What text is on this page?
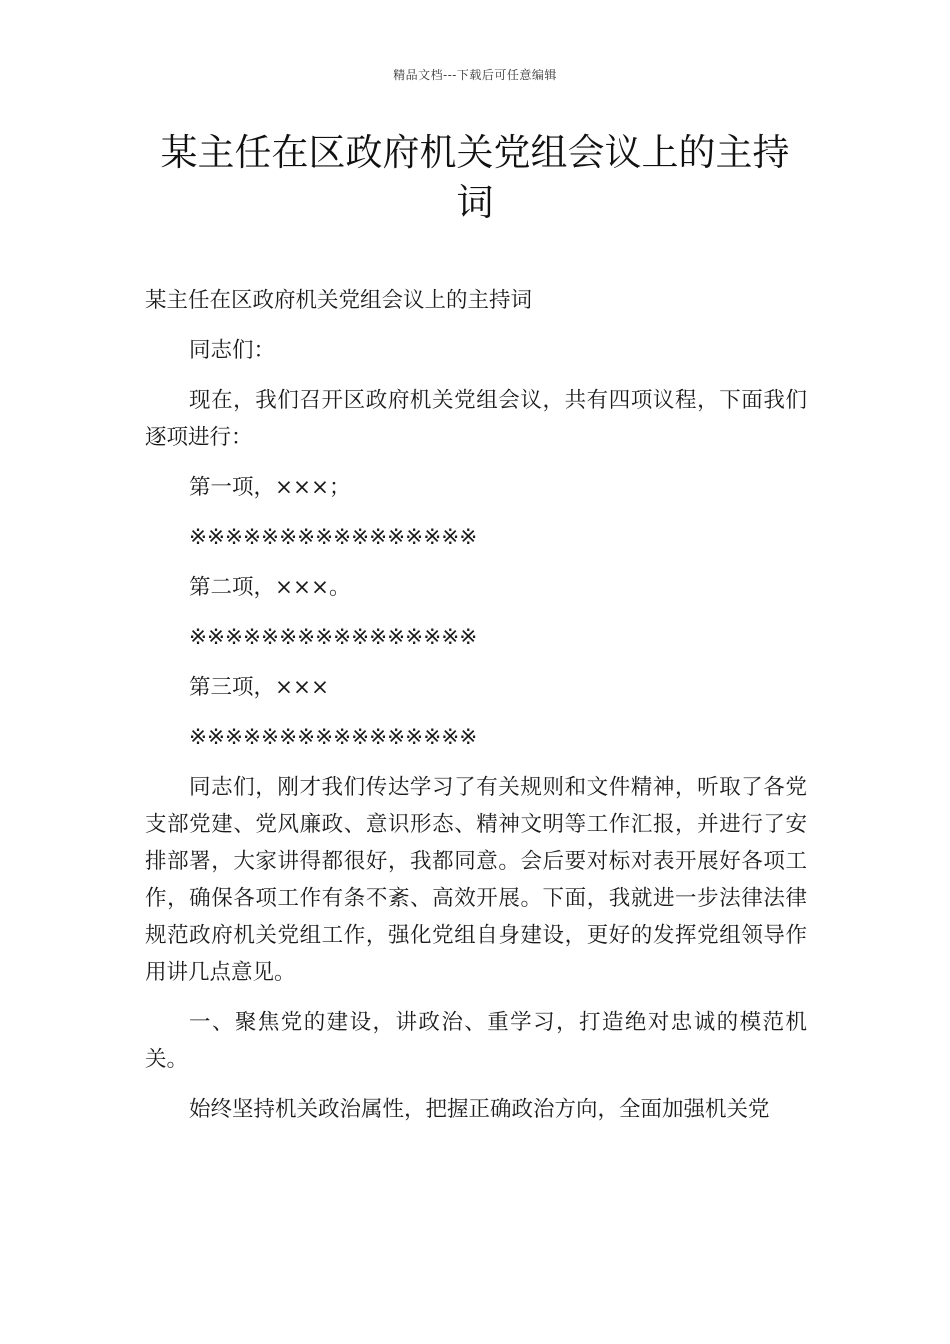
精品文档---下载后可任意编辑
某主任在区政府机关党组会议上的主持词

某主任在区政府机关党组会议上的主持词

同志们：

现在，我们召开区政府机关党组会议，共有四项议程，下面我们逐项进行：

第一项，×××；

※※※※※※※※※※※※※※※※

第二项，×××。

※※※※※※※※※※※※※※※※

第三项，×××

※※※※※※※※※※※※※※※※

同志们，刚才我们传达学习了有关规则和文件精神，听取了各党支部党建、党风廉政、意识形态、精神文明等工作汇报，并进行了安排部署，大家讲得都很好，我都同意。会后要对标对表开展好各项工作，确保各项工作有条不紊、高效开展。下面，我就进一步法律法律规范政府机关党组工作，强化党组自身建设，更好的发挥党组领导作用讲几点意见。

一、聚焦党的建设，讲政治、重学习，打造绝对忠诚的模范机关。

始终坚持机关政治属性，把握正确政治方向，全面加强机关党
